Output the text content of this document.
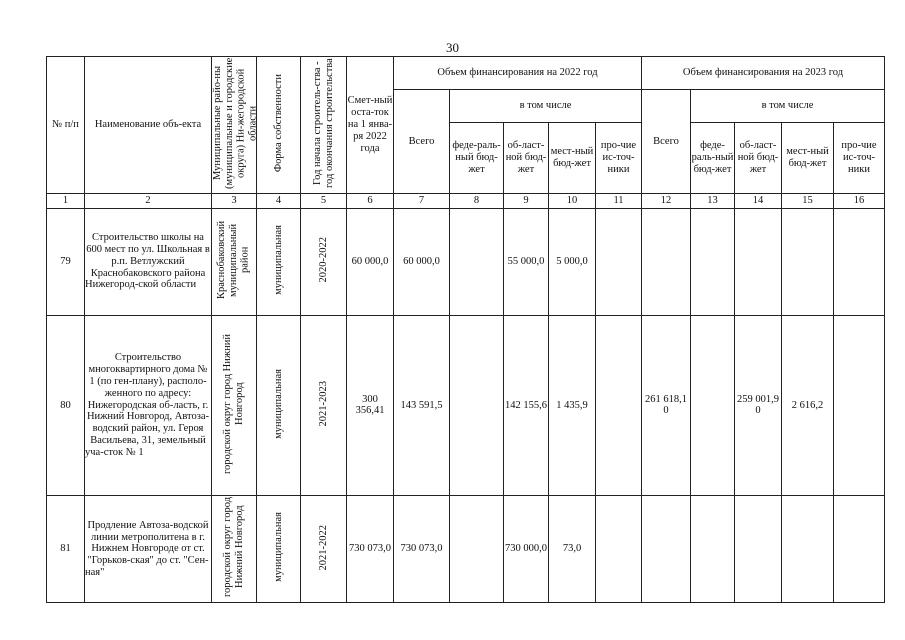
30
№ п/п	Наименование объ-екта	Муниципальные райо-ны (муниципальные и городские округа) Ни-жегородской области	Форма собственности	Год начала строитель-ства - год окончания строительства	Смет-ный оста-ток на 1 янва-ря 2022 года	Объем финансирования на 2022 год					Объем финансирования на 2023 год				
						Всего	в том числе				Всего	в том числе			
							феде-раль-ный бюд-жет	об-ласт-ной бюд-жет	мест-ный бюд-жет	про-чие ис-точ-ники		феде-раль-ный бюд-жет	об-ласт-ной бюд-жет	мест-ный бюд-жет	про-чие ис-точ-ники
1	2	3	4	5	6	7	8	9	10	11	12	13	14	15	16
79	Строительство школы на 600 мест по ул. Школьная в р.п. Ветлужский Краснобаковского района Нижегород-ской области	Краснобаковский муниципальный район	муниципальная	2020-2022	60 000,0	60 000,0		55 000,0	5 000,0						
80	Строительство многоквартирного дома № 1 (по ген-плану), располо-женного по адресу: Нижегородская об-ласть, г. Нижний Новгород, Автоза-водский район, ул. Героя Васильева, 31, земельный уча-сток № 1	городской округ город Нижний Новгород	муниципальная	2021-2023	300 356,41	143 591,5		142 155,6	1 435,9		261 618,1 0		259 001,9 0	2 616,2	
81	Продление Автоза-водской линии метрополитена в г. Нижнем Новгороде от ст. "Горьков-ская" до ст. "Сен-ная"	городской округ город Нижний Новгород	муниципальная	2021-2022	730 073,0	730 073,0		730 000,0	73,0						
